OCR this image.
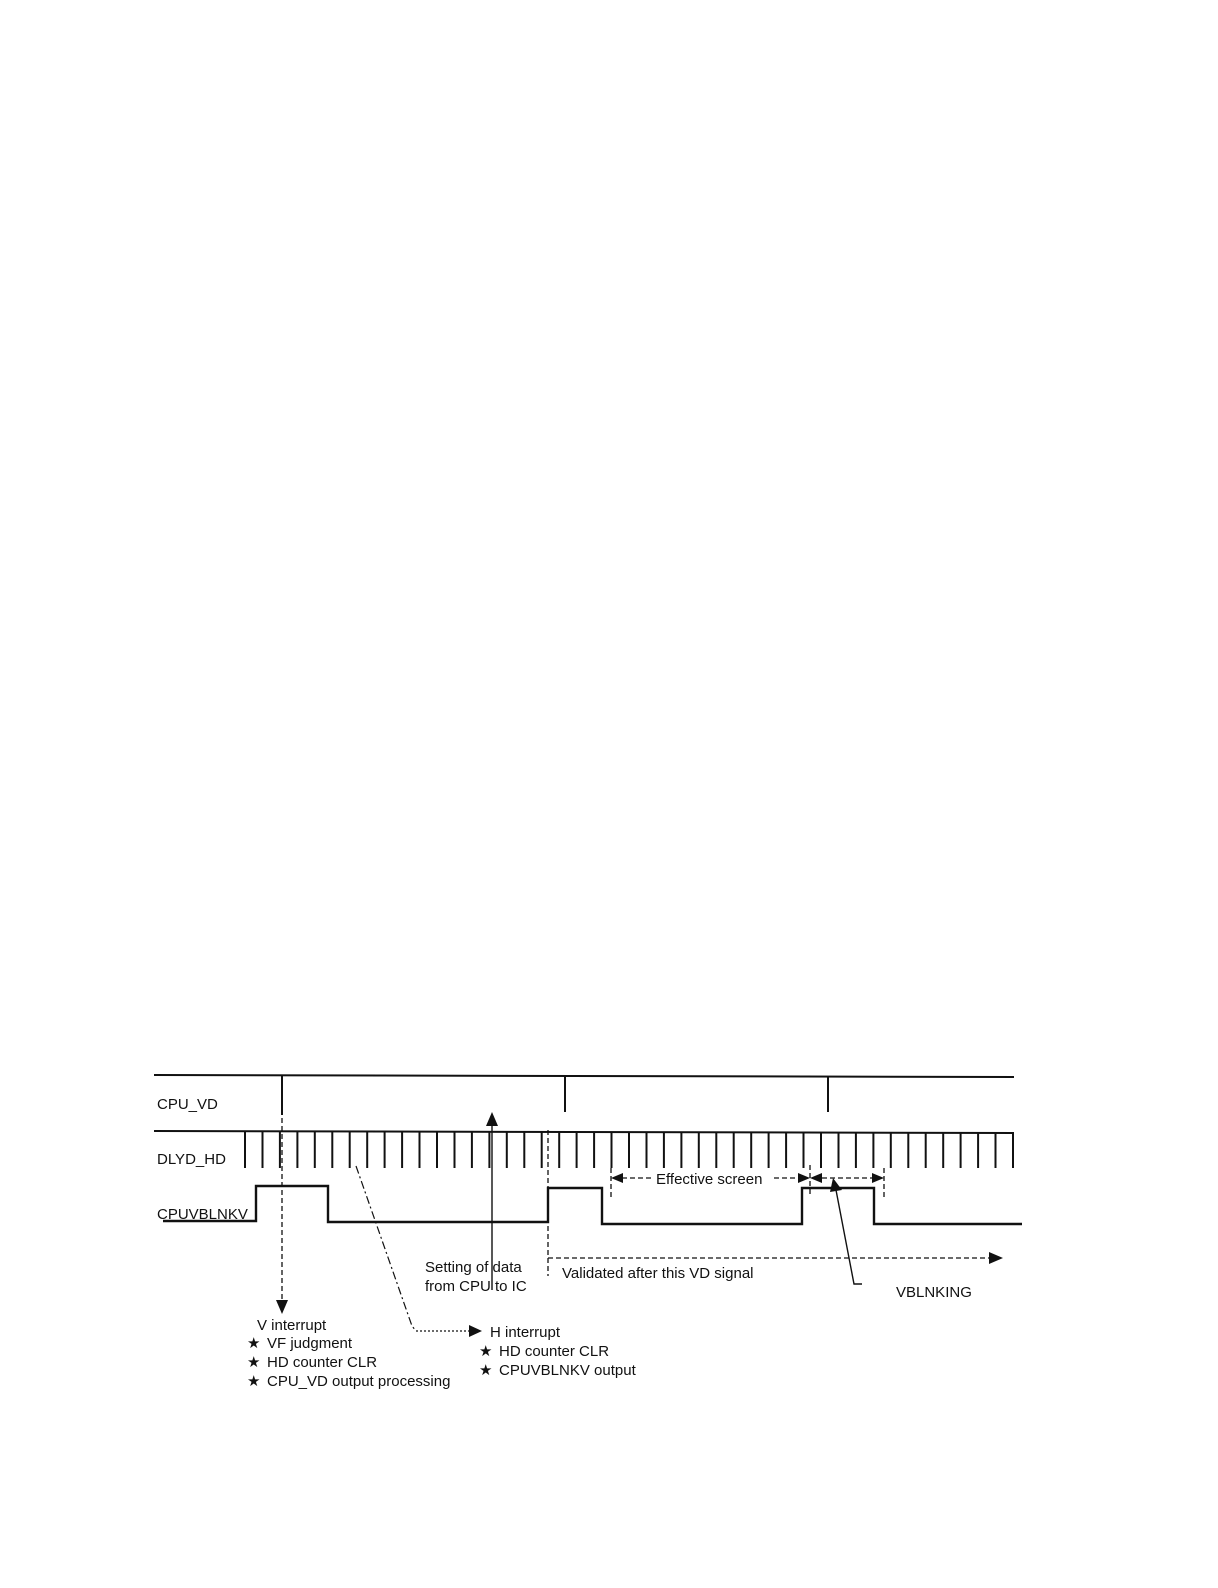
CPU_VD
DLYD_HD
CPUVBLNKV
Effective screen
Setting of data
from CPU to IC
Validated after this VD signal
VBLNKING
V interrupt
★ VF judgment
★ HD counter CLR
★ CPU_VD output processing
H interrupt
★ HD counter CLR
★ CPUVBLNKV output
